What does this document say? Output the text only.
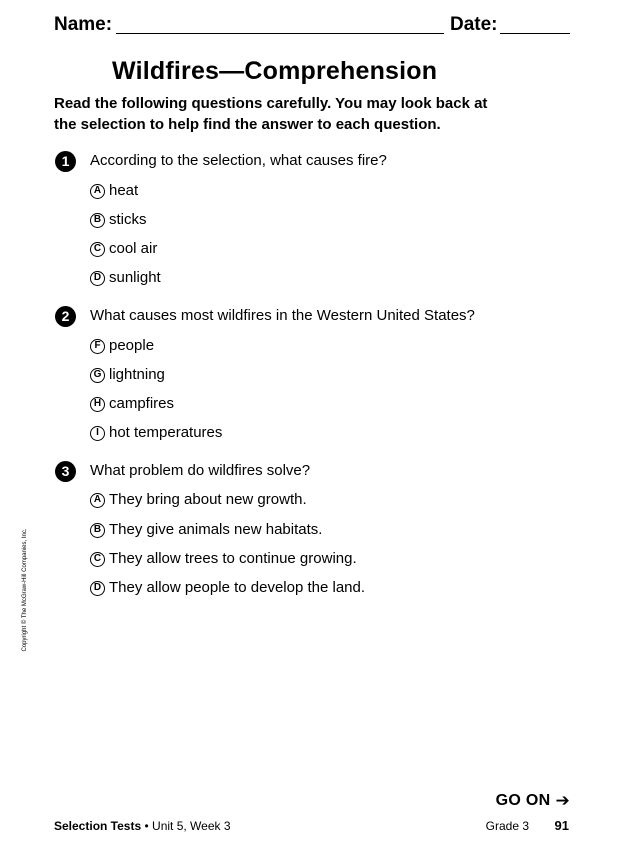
Name:	Date:
Wildfires—Comprehension
Read the following questions carefully. You may look back at the selection to help find the answer to each question.
1	According to the selection, what causes fire?
A heat
B sticks
C cool air
D sunlight
2	What causes most wildfires in the Western United States?
F people
G lightning
H campfires
I hot temperatures
3	What problem do wildfires solve?
A They bring about new growth.
B They give animals new habitats.
C They allow trees to continue growing.
D They allow people to develop the land.
Copyright © The McGraw-Hill Companies, Inc.
GO ON ➔
Selection Tests • Unit 5, Week 3	Grade 3 91
